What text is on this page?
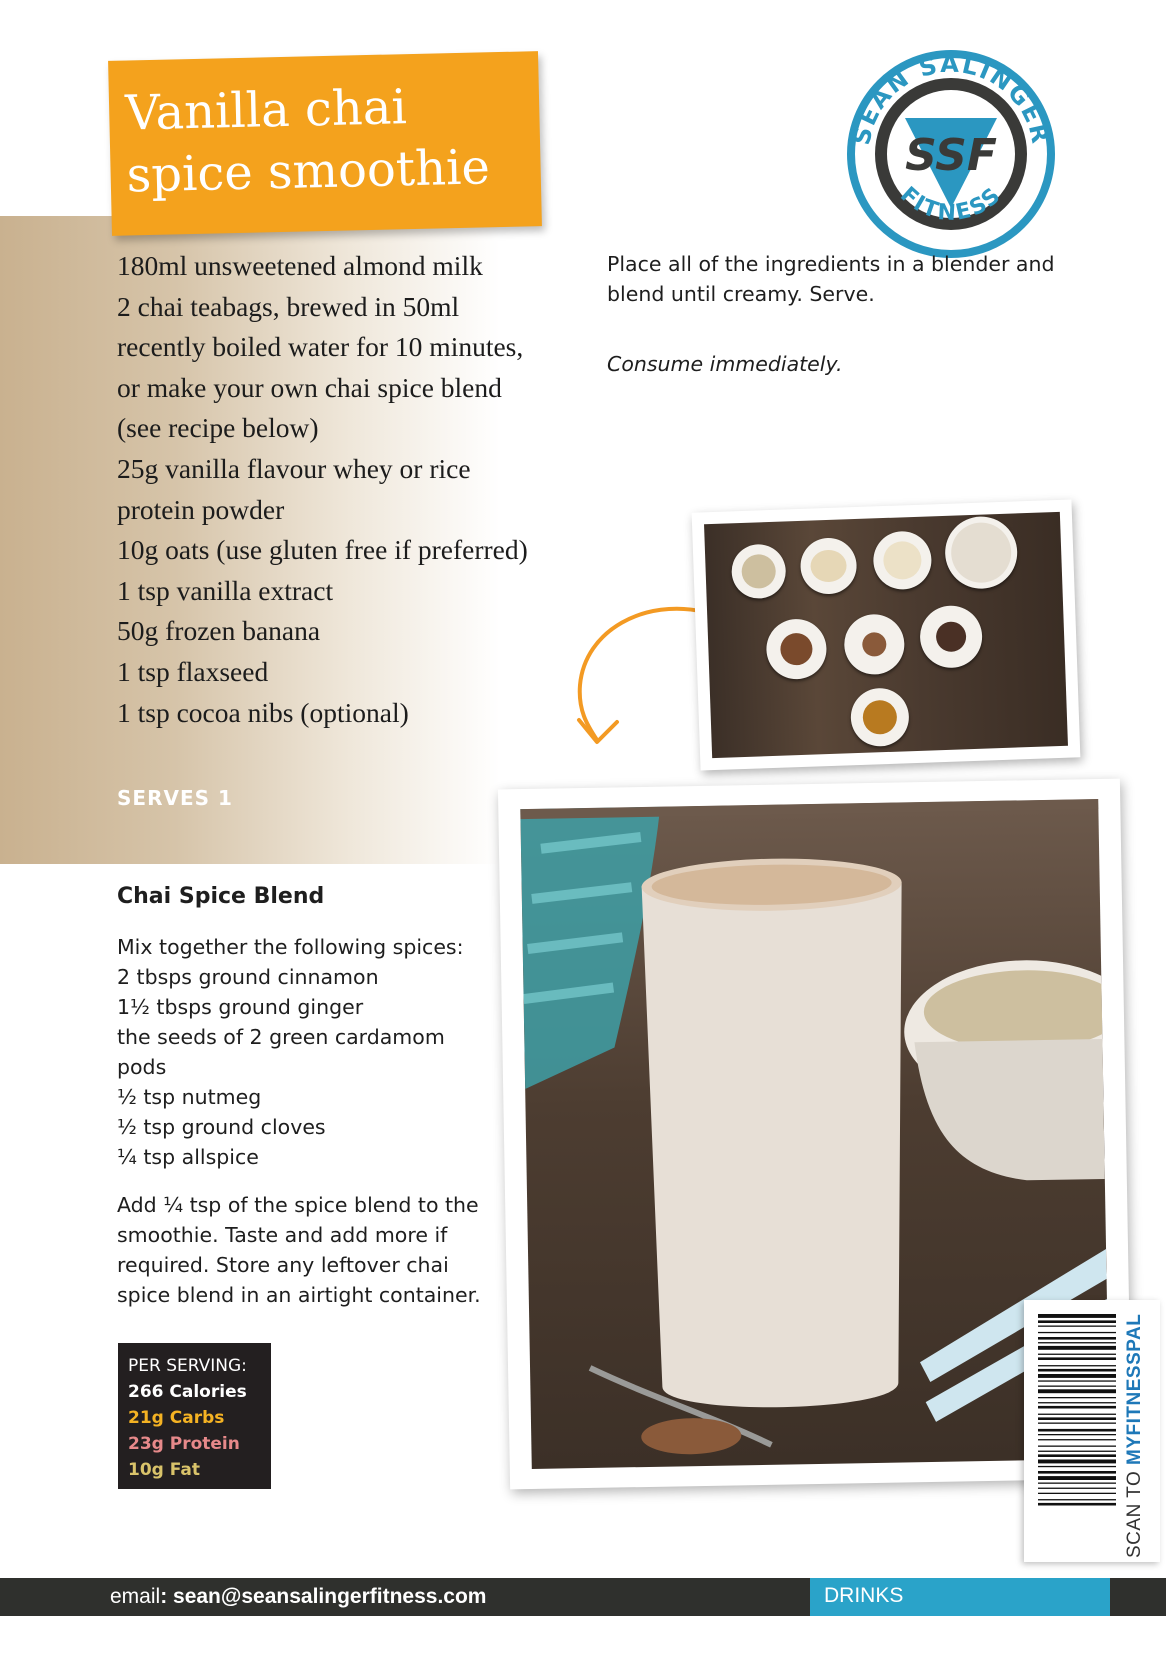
Vanilla chai spice smoothie
SEAN SALINGER
FITNESS
SSF
180ml unsweetened almond milk
2 chai teabags, brewed in 50ml
recently boiled water for 10 minutes,
or make your own chai spice blend
(see recipe below)
25g vanilla flavour whey or rice
protein powder
10g oats (use gluten free if preferred)
1 tsp vanilla extract
50g frozen banana
1 tsp flaxseed
1 tsp cocoa nibs (optional)
SERVES 1
Place all of the ingredients in a blender and blend until creamy. Serve.
Consume immediately.
Chai Spice Blend
Mix together the following spices:
2 tbsps ground cinnamon
1½ tbsps ground ginger
the seeds of 2 green cardamom pods
½ tsp nutmeg
½ tsp ground cloves
¼ tsp allspice
Add ¼ tsp of the spice blend to the smoothie. Taste and add more if required. Store any leftover chai spice blend in an airtight container.
PER SERVING:
266 Calories
21g Carbs
23g Protein
10g Fat	SCAN TO MYFITNESSPAL
email: sean@seansalingerfitness.com	DRINKS
